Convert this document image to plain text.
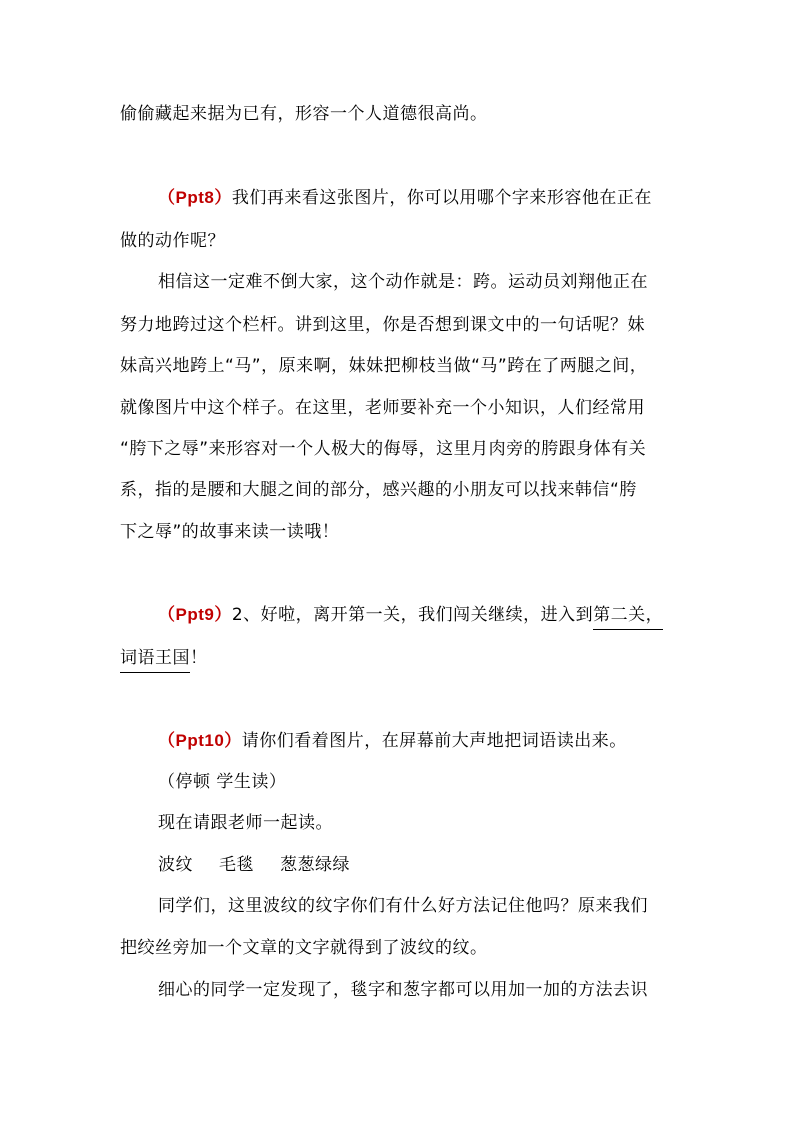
偷偷藏起来据为已有，形容一个人道德很高尚。
（Ppt8）我们再来看这张图片，你可以用哪个字来形容他在正在
做的动作呢？
相信这一定难不倒大家，这个动作就是：跨。运动员刘翔他正在
努力地跨过这个栏杆。讲到这里，你是否想到课文中的一句话呢？妹
妹高兴地跨上“马”，原来啊，妹妹把柳枝当做“马”跨在了两腿之间，
就像图片中这个样子。在这里，老师要补充一个小知识，人们经常用
“胯下之辱”来形容对一个人极大的侮辱，这里月肉旁的胯跟身体有关
系，指的是腰和大腿之间的部分，感兴趣的小朋友可以找来韩信“胯
下之辱”的故事来读一读哦！
（Ppt9）2、好啦，离开第一关，我们闯关继续，进入到第二关，
词语王国！
（Ppt10）请你们看着图片，在屏幕前大声地把词语读出来。
（停顿 学生读）
现在请跟老师一起读。
波纹 毛毯 葱葱绿绿
同学们，这里波纹的纹字你们有什么好方法记住他吗？原来我们
把绞丝旁加一个文章的文字就得到了波纹的纹。
细心的同学一定发现了，毯字和葱字都可以用加一加的方法去识
